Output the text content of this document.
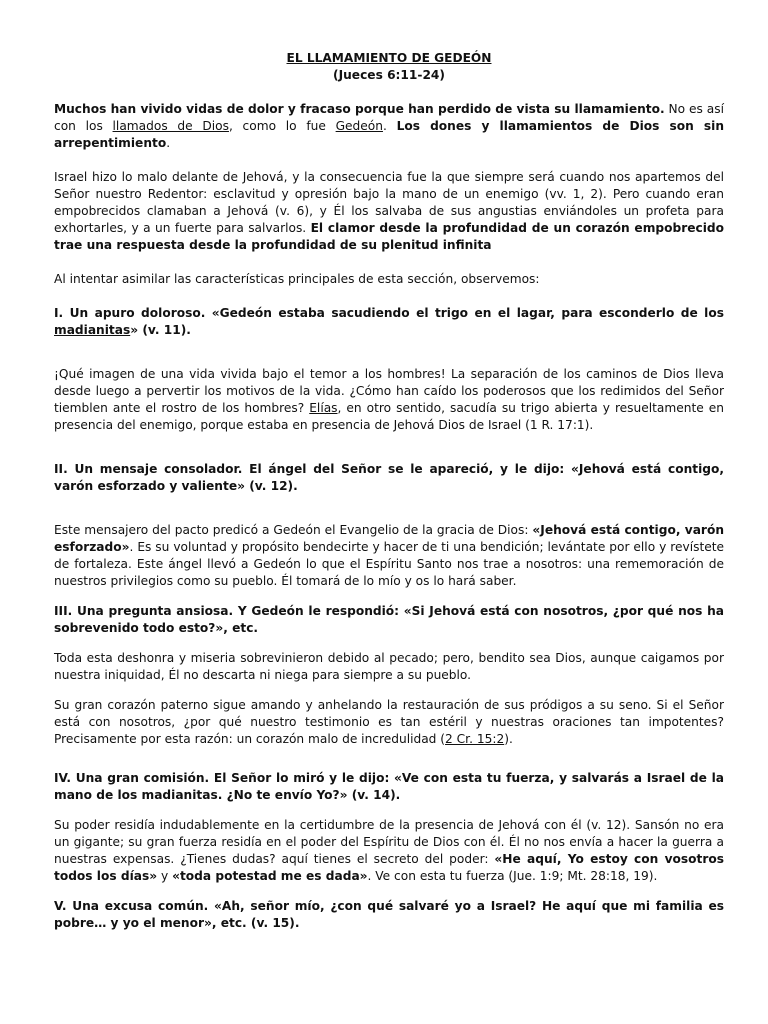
EL LLAMAMIENTO DE GEDEÓN

(Jueces 6:11-24)

Muchos han vivido vidas de dolor y fracaso porque han perdido de vista su llamamiento. No es así con los llamados de Dios, como lo fue Gedeón. Los dones y llamamientos de Dios son sin arrepentimiento.

Israel hizo lo malo delante de Jehová, y la consecuencia fue la que siempre será cuando nos apartemos del Señor nuestro Redentor: esclavitud y opresión bajo la mano de un enemigo (vv. 1, 2). Pero cuando eran empobrecidos clamaban a Jehová (v. 6), y Él los salvaba de sus angustias enviándoles un profeta para exhortarles, y a un fuerte para salvarlos. El clamor desde la profundidad de un corazón empobrecido trae una respuesta desde la profundidad de su plenitud infinita

Al intentar asimilar las características principales de esta sección, observemos:

I. Un apuro doloroso. «Gedeón estaba sacudiendo el trigo en el lagar, para esconderlo de los madianitas» (v. 11).

¡Qué imagen de una vida vivida bajo el temor a los hombres! La separación de los caminos de Dios lleva desde luego a pervertir los motivos de la vida. ¿Cómo han caído los poderosos que los redimidos del Señor tiemblen ante el rostro de los hombres? Elías, en otro sentido, sacudía su trigo abierta y resueltamente en presencia del enemigo, porque estaba en presencia de Jehová Dios de Israel (1 R. 17:1).

II. Un mensaje consolador. El ángel del Señor se le apareció, y le dijo: «Jehová está contigo, varón esforzado y valiente» (v. 12).

Este mensajero del pacto predicó a Gedeón el Evangelio de la gracia de Dios: «Jehová está contigo, varón esforzado». Es su voluntad y propósito bendecirte y hacer de ti una bendición; levántate por ello y revístete de fortaleza. Este ángel llevó a Gedeón lo que el Espíritu Santo nos trae a nosotros: una rememoración de nuestros privilegios como su pueblo. Él tomará de lo mío y os lo hará saber.

III. Una pregunta ansiosa. Y Gedeón le respondió: «Si Jehová está con nosotros, ¿por qué nos ha sobrevenido todo esto?», etc.

Toda esta deshonra y miseria sobrevinieron debido al pecado; pero, bendito sea Dios, aunque caigamos por nuestra iniquidad, Él no descarta ni niega para siempre a su pueblo.

Su gran corazón paterno sigue amando y anhelando la restauración de sus pródigos a su seno. Si el Señor está con nosotros, ¿por qué nuestro testimonio es tan estéril y nuestras oraciones tan impotentes? Precisamente por esta razón: un corazón malo de incredulidad (2 Cr. 15:2).

IV. Una gran comisión. El Señor lo miró y le dijo: «Ve con esta tu fuerza, y salvarás a Israel de la mano de los madianitas. ¿No te envío Yo?» (v. 14).

Su poder residía indudablemente en la certidumbre de la presencia de Jehová con él (v. 12). Sansón no era un gigante; su gran fuerza residía en el poder del Espíritu de Dios con él. Él no nos envía a hacer la guerra a nuestras expensas. ¿Tienes dudas? aquí tienes el secreto del poder: «He aquí, Yo estoy con vosotros todos los días» y «toda potestad me es dada». Ve con esta tu fuerza (Jue. 1:9; Mt. 28:18, 19).

V. Una excusa común. «Ah, señor mío, ¿con qué salvaré yo a Israel? He aquí que mi familia es pobre… y yo el menor», etc. (v. 15).
